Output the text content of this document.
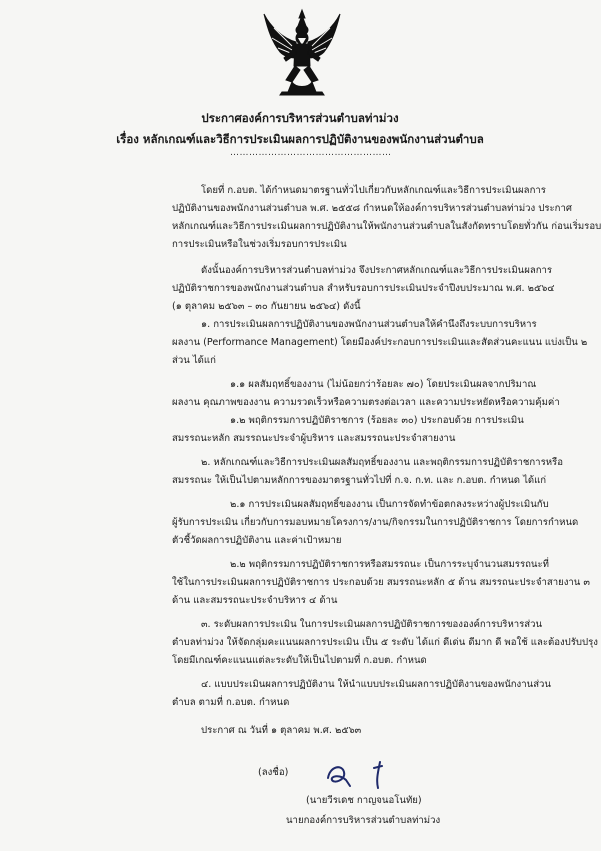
ประกาศองค์การบริหารส่วนตำบลท่าม่วง
เรื่อง หลักเกณฑ์และวิธีการประเมินผลการปฏิบัติงานของพนักงานส่วนตำบล
……………………………………………
โดยที่ ก.อบต. ได้กำหนดมาตรฐานทั่วไปเกี่ยวกับหลักเกณฑ์และวิธีการประเมินผลการ
ปฏิบัติงานของพนักงานส่วนตำบล พ.ศ. ๒๕๕๘ กำหนดให้องค์การบริหารส่วนตำบลท่าม่วง ประกาศ
หลักเกณฑ์และวิธีการประเมินผลการปฏิบัติงานให้พนักงานส่วนตำบลในสังกัดทราบโดยทั่วกัน ก่อนเริ่มรอบ
การประเมินหรือในช่วงเริ่มรอบการประเมิน
ดังนั้นองค์การบริหารส่วนตำบลท่าม่วง จึงประกาศหลักเกณฑ์และวิธีการประเมินผลการ
ปฏิบัติราชการของพนักงานส่วนตำบล สำหรับรอบการประเมินประจำปีงบประมาณ พ.ศ. ๒๕๖๔
(๑ ตุลาคม ๒๕๖๓ – ๓๐ กันยายน ๒๕๖๔) ดังนี้
๑. การประเมินผลการปฏิบัติงานของพนักงานส่วนตำบลให้คำนึงถึงระบบการบริหาร
ผลงาน (Performance Management) โดยมีองค์ประกอบการประเมินและสัดส่วนคะแนน แบ่งเป็น ๒
ส่วน ได้แก่
๑.๑ ผลสัมฤทธิ์ของงาน (ไม่น้อยกว่าร้อยละ ๗๐) โดยประเมินผลจากปริมาณ
ผลงาน คุณภาพของงาน ความรวดเร็วหรือความตรงต่อเวลา และความประหยัดหรือความคุ้มค่า
๑.๒ พฤติกรรมการปฏิบัติราชการ (ร้อยละ ๓๐) ประกอบด้วย การประเมิน
สมรรถนะหลัก สมรรถนะประจำผู้บริหาร และสมรรถนะประจำสายงาน
๒. หลักเกณฑ์และวิธีการประเมินผลสัมฤทธิ์ของงาน และพฤติกรรมการปฏิบัติราชการหรือ
สมรรถนะ ให้เป็นไปตามหลักการของมาตรฐานทั่วไปที่ ก.จ. ก.ท. และ ก.อบต. กำหนด ได้แก่
๒.๑ การประเมินผลสัมฤทธิ์ของงาน เป็นการจัดทำข้อตกลงระหว่างผู้ประเมินกับ
ผู้รับการประเมิน เกี่ยวกับการมอบหมายโครงการ/งาน/กิจกรรมในการปฏิบัติราชการ โดยการกำหนด
ตัวชี้วัดผลการปฏิบัติงาน และค่าเป้าหมาย
๒.๒ พฤติกรรมการปฏิบัติราชการหรือสมรรถนะ เป็นการระบุจำนวนสมรรถนะที่
ใช้ในการประเมินผลการปฏิบัติราชการ ประกอบด้วย สมรรถนะหลัก ๕ ด้าน สมรรถนะประจำสายงาน ๓
ด้าน และสมรรถนะประจำบริหาร ๔ ด้าน
๓. ระดับผลการประเมิน ในการประเมินผลการปฏิบัติราชการขององค์การบริหารส่วน
ตำบลท่าม่วง ให้จัดกลุ่มคะแนนผลการประเมิน เป็น ๕ ระดับ ได้แก่ ดีเด่น ดีมาก ดี พอใช้ และต้องปรับปรุง
โดยมีเกณฑ์คะแนนแต่ละระดับให้เป็นไปตามที่ ก.อบต. กำหนด
๔. แบบประเมินผลการปฏิบัติงาน ให้นำแบบประเมินผลการปฏิบัติงานของพนักงานส่วน
ตำบล ตามที่ ก.อบต. กำหนด
ประกาศ ณ วันที่ ๑ ตุลาคม พ.ศ. ๒๕๖๓
(ลงชื่อ)
(นายวีรเดช กาญจนอโนทัย)
นายกองค์การบริหารส่วนตำบลท่าม่วง
